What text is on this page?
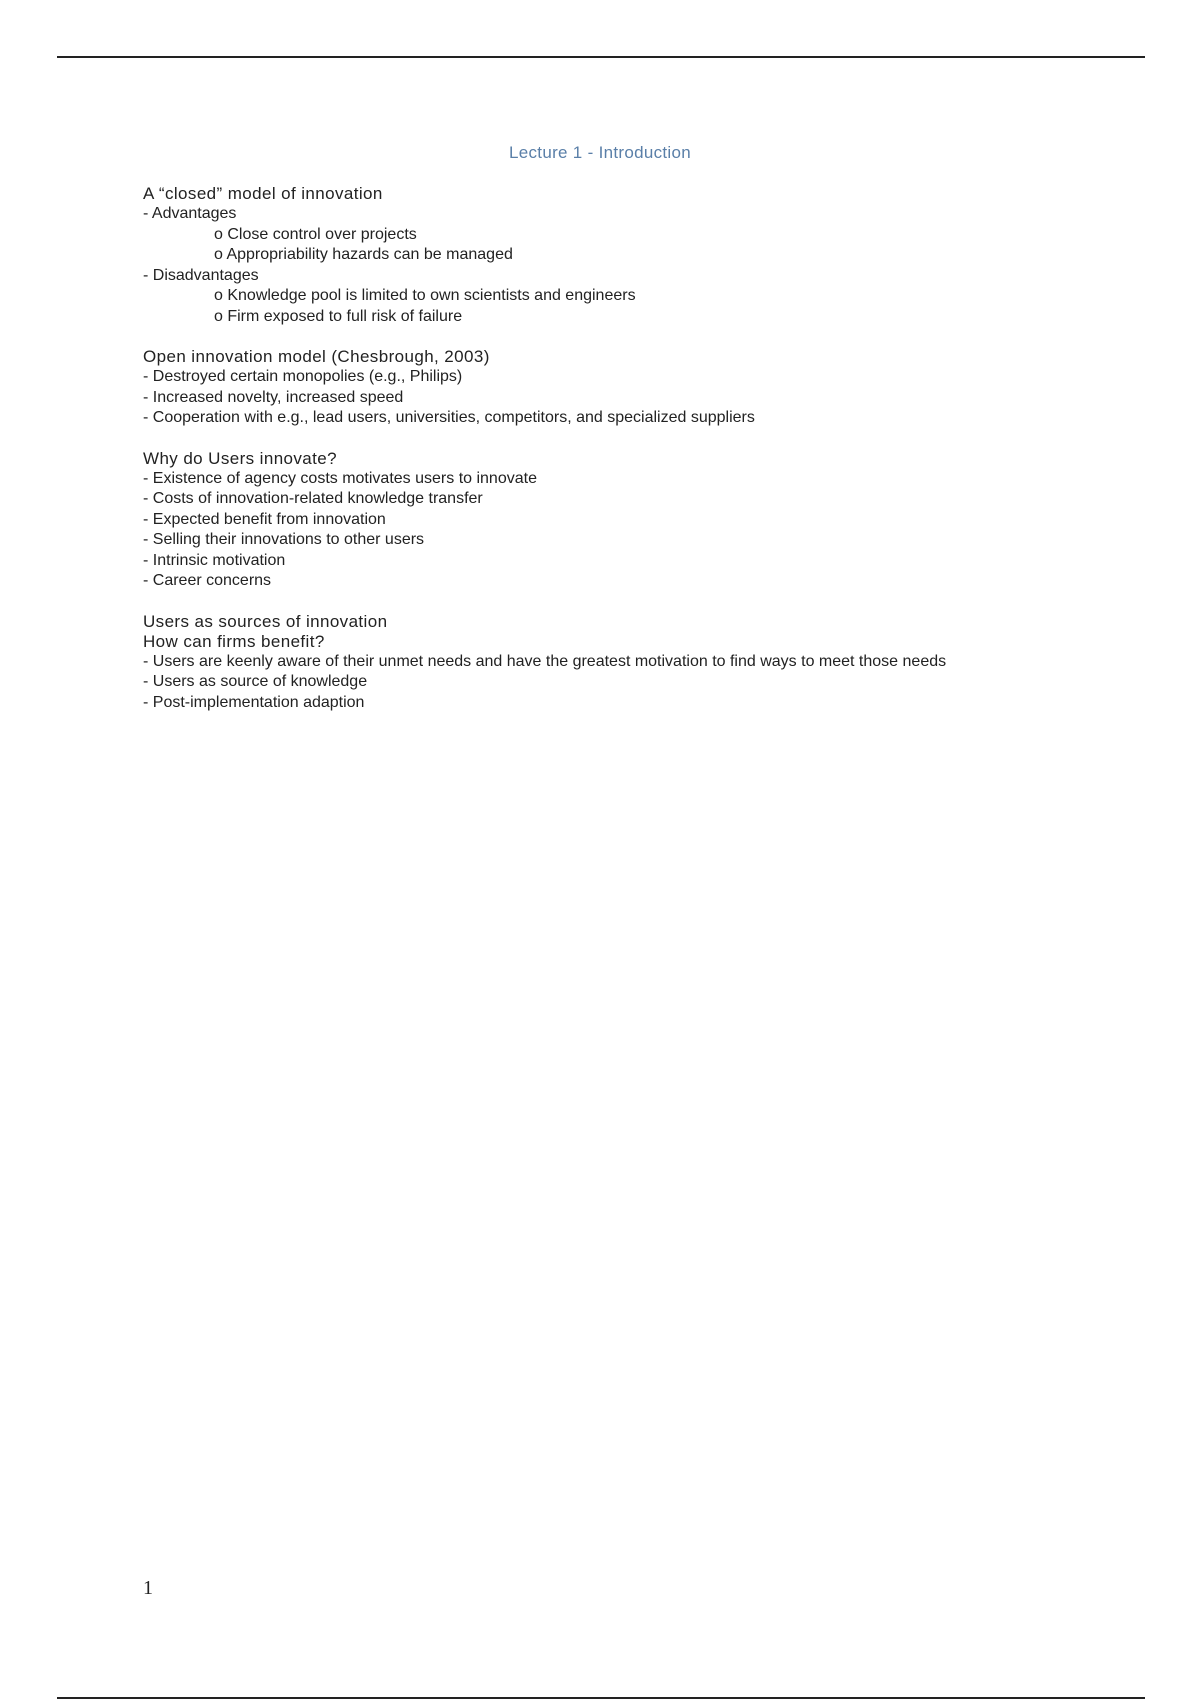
Lecture 1 - Introduction
A “closed” model of innovation
- Advantages
o Close control over projects
o Appropriability hazards can be managed
- Disadvantages
o Knowledge pool is limited to own scientists and engineers
o Firm exposed to full risk of failure
Open innovation model (Chesbrough, 2003)
- Destroyed certain monopolies (e.g., Philips)
- Increased novelty, increased speed
- Cooperation with e.g., lead users, universities, competitors, and specialized suppliers
Why do Users innovate?
- Existence of agency costs motivates users to innovate
- Costs of innovation-related knowledge transfer
- Expected benefit from innovation
- Selling their innovations to other users
- Intrinsic motivation
- Career concerns
Users as sources of innovation
How can firms benefit?
- Users are keenly aware of their unmet needs and have the greatest motivation to find ways to meet those needs
- Users as source of knowledge
- Post-implementation adaption
1
